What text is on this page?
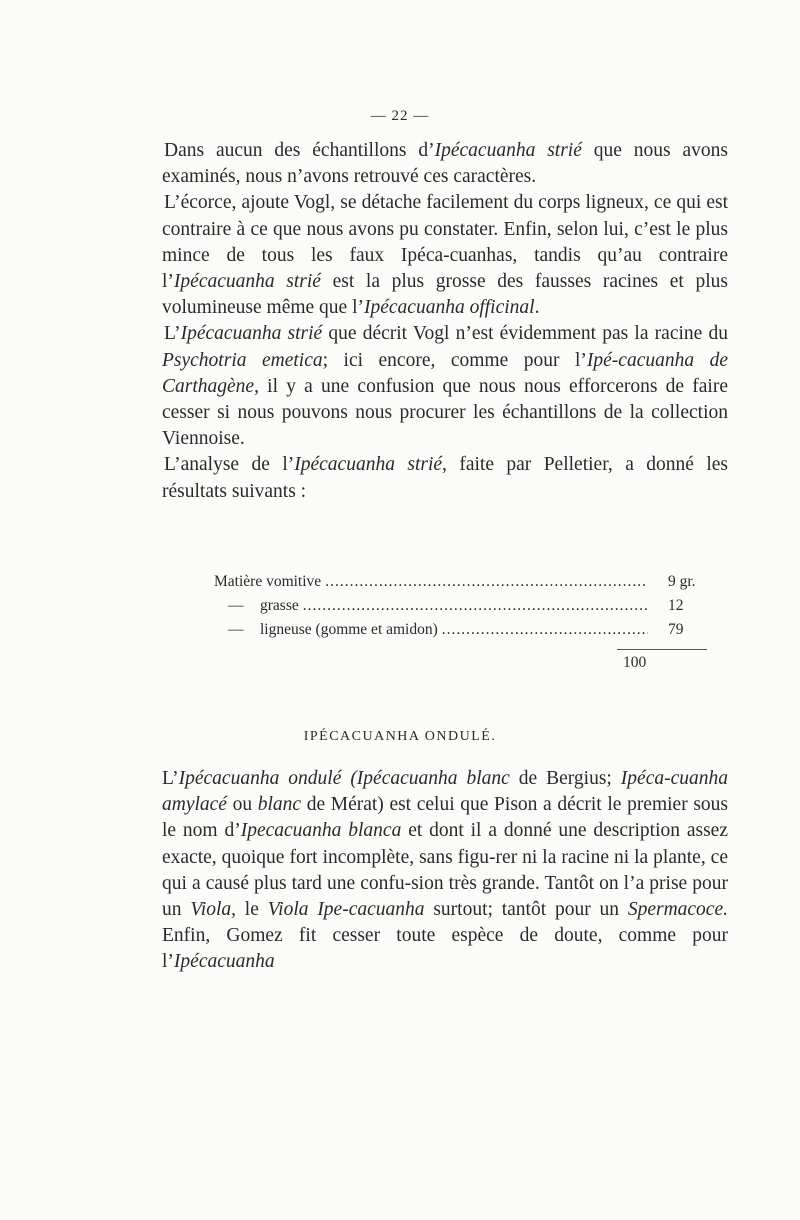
— 22 —

Dans aucun des échantillons d’Ipécacuanha strié que nous avons examinés, nous n’avons retrouvé ces caractères.

L’écorce, ajoute Vogl, se détache facilement du corps ligneux, ce qui est contraire à ce que nous avons pu constater. Enfin, selon lui, c’est le plus mince de tous les faux Ipéca-cuanhas, tandis qu’au contraire l’Ipécacuanha strié est la plus grosse des fausses racines et plus volumineuse même que l’Ipécacuanha officinal.

L’Ipécacuanha strié que décrit Vogl n’est évidemment pas la racine du Psychotria emetica; ici encore, comme pour l’Ipé-cacuanha de Carthagène, il y a une confusion que nous nous efforcerons de faire cesser si nous pouvons nous procurer les échantillons de la collection Viennoise.

L’analyse de l’Ipécacuanha strié, faite par Pelletier, a donné les résultats suivants :

Matière vomitive .....	9 gr.
—	grasse .....	12
—	ligneuse (gomme et amidon) .....	79
100
IPÉCACUANHA ONDULÉ.

L’Ipécacuanha ondulé (Ipécacuanha blanc de Bergius; Ipéca-cuanha amylacé ou blanc de Mérat) est celui que Pison a décrit le premier sous le nom d’Ipecacuanha blanca et dont il a donné une description assez exacte, quoique fort incomplète, sans figu-rer ni la racine ni la plante, ce qui a causé plus tard une confu-sion très grande. Tantôt on l’a prise pour un Viola, le Viola Ipe-cacuanha surtout; tantôt pour un Spermacoce. Enfin, Gomez fit cesser toute espèce de doute, comme pour l’Ipécacuanha
